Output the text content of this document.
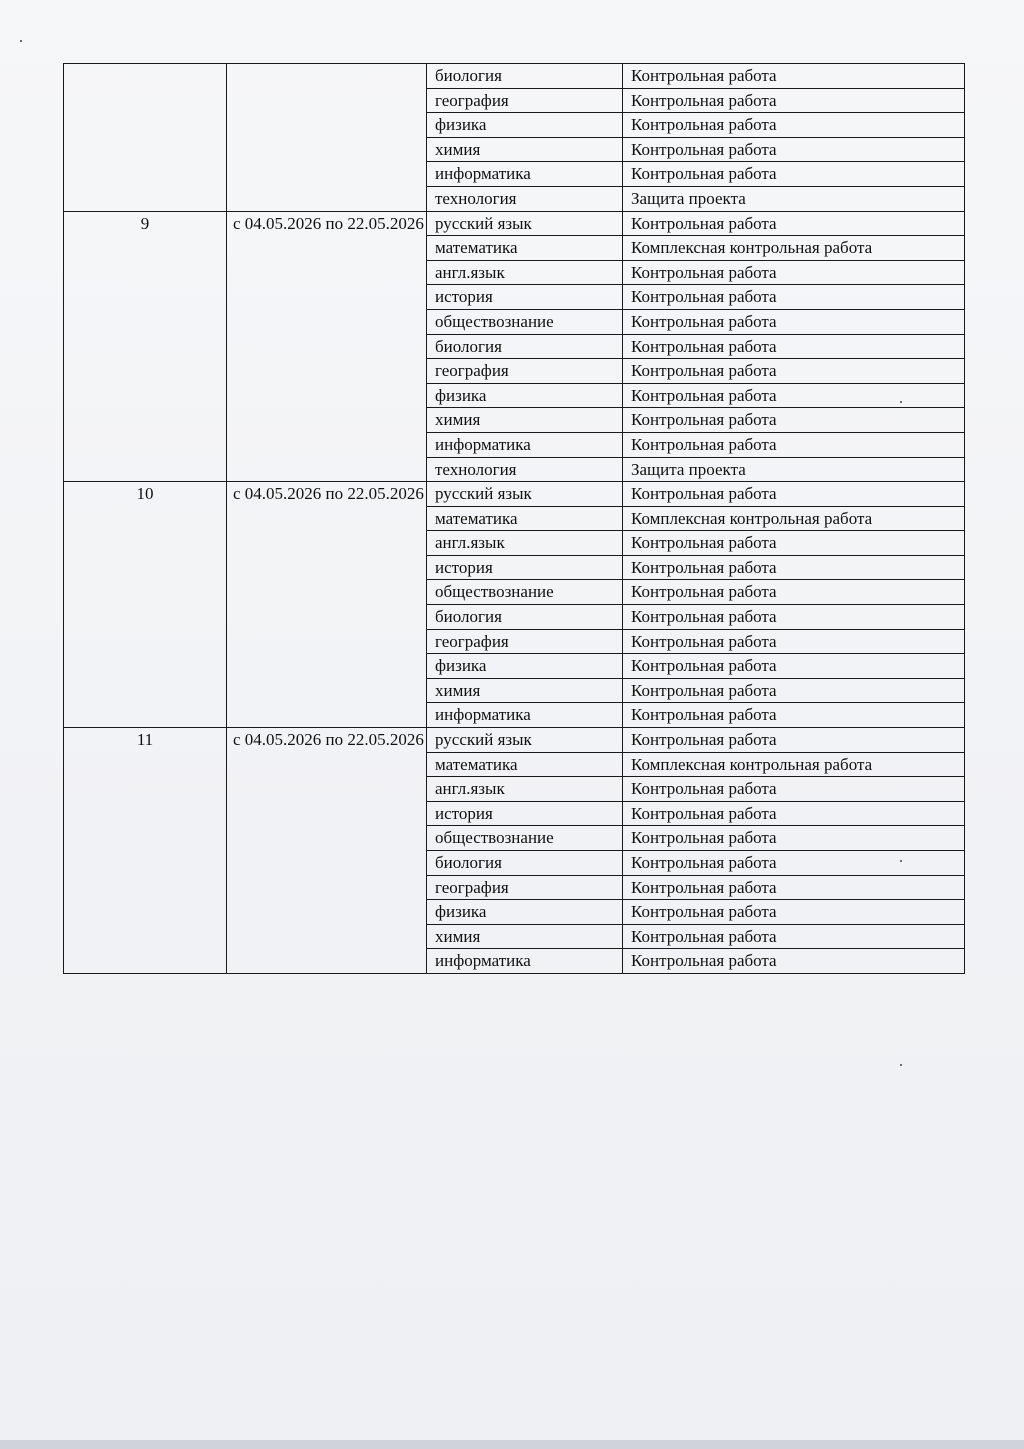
		биология	Контрольная работа
		география	Контрольная работа
		физика	Контрольная работа
		химия	Контрольная работа
		информатика	Контрольная работа
		технология	Защита проекта
9	с 04.05.2026 по 22.05.2026	русский язык	Контрольная работа
		математика	Комплексная контрольная работа
		англ.язык	Контрольная работа
		история	Контрольная работа
		обществознание	Контрольная работа
		биология	Контрольная работа
		география	Контрольная работа
		физика	Контрольная работа
		химия	Контрольная работа
		информатика	Контрольная работа
		технология	Защита проекта
10	с 04.05.2026 по 22.05.2026	русский язык	Контрольная работа
		математика	Комплексная контрольная работа
		англ.язык	Контрольная работа
		история	Контрольная работа
		обществознание	Контрольная работа
		биология	Контрольная работа
		география	Контрольная работа
		физика	Контрольная работа
		химия	Контрольная работа
		информатика	Контрольная работа
11	с 04.05.2026 по 22.05.2026	русский язык	Контрольная работа
		математика	Комплексная контрольная работа
		англ.язык	Контрольная работа
		история	Контрольная работа
		обществознание	Контрольная работа
		биология	Контрольная работа
		география	Контрольная работа
		физика	Контрольная работа
		химия	Контрольная работа
		информатика	Контрольная работа
